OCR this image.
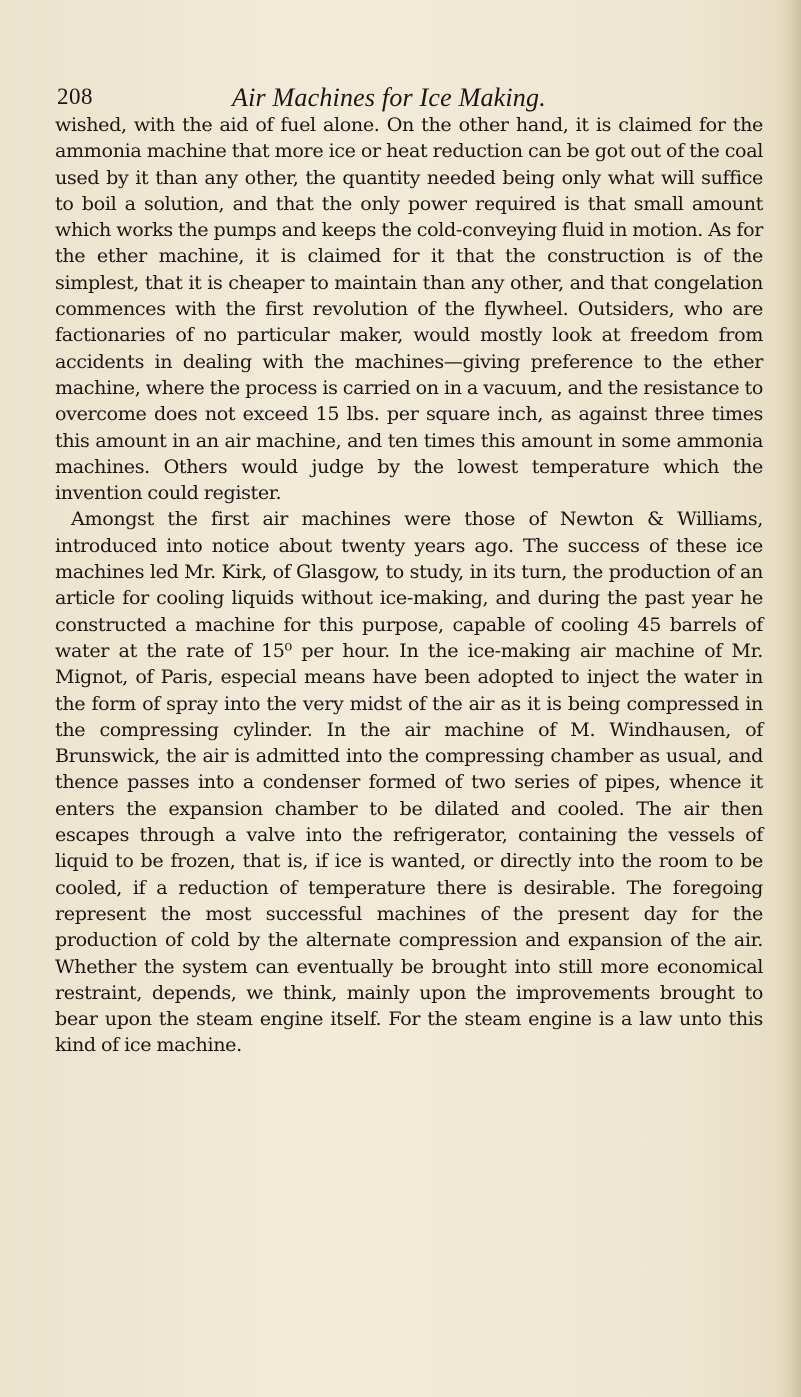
208	Air Machines for Ice Making.

wished, with the aid of fuel alone. On the other hand, it is claimed for the ammonia machine that more ice or heat reduction can be got out of the coal used by it than any other, the quantity needed being only what will suffice to boil a solution, and that the only power required is that small amount which works the pumps and keeps the cold-conveying fluid in motion. As for the ether machine, it is claimed for it that the construction is of the simplest, that it is cheaper to maintain than any other, and that congelation commences with the first revolution of the flywheel. Outsiders, who are factionaries of no particular maker, would mostly look at freedom from accidents in dealing with the machines—giving preference to the ether machine, where the process is carried on in a vacuum, and the resistance to overcome does not exceed 15 lbs. per square inch, as against three times this amount in an air machine, and ten times this amount in some ammonia machines. Others would judge by the lowest temperature which the invention could register.

Amongst the first air machines were those of Newton & Williams, introduced into notice about twenty years ago. The success of these ice machines led Mr. Kirk, of Glasgow, to study, in its turn, the production of an article for cooling liquids without ice-making, and during the past year he constructed a machine for this purpose, capable of cooling 45 barrels of water at the rate of 15⁰ per hour. In the ice-making air machine of Mr. Mignot, of Paris, especial means have been adopted to inject the water in the form of spray into the very midst of the air as it is being compressed in the compressing cylinder. In the air machine of M. Windhausen, of Brunswick, the air is admitted into the compressing chamber as usual, and thence passes into a condenser formed of two series of pipes, whence it enters the expansion chamber to be dilated and cooled. The air then escapes through a valve into the refrigerator, containing the vessels of liquid to be frozen, that is, if ice is wanted, or directly into the room to be cooled, if a reduction of temperature there is desirable. The foregoing represent the most successful machines of the present day for the production of cold by the alternate compression and expansion of the air. Whether the system can eventually be brought into still more economical restraint, depends, we think, mainly upon the improvements brought to bear upon the steam engine itself. For the steam engine is a law unto this kind of ice machine.
